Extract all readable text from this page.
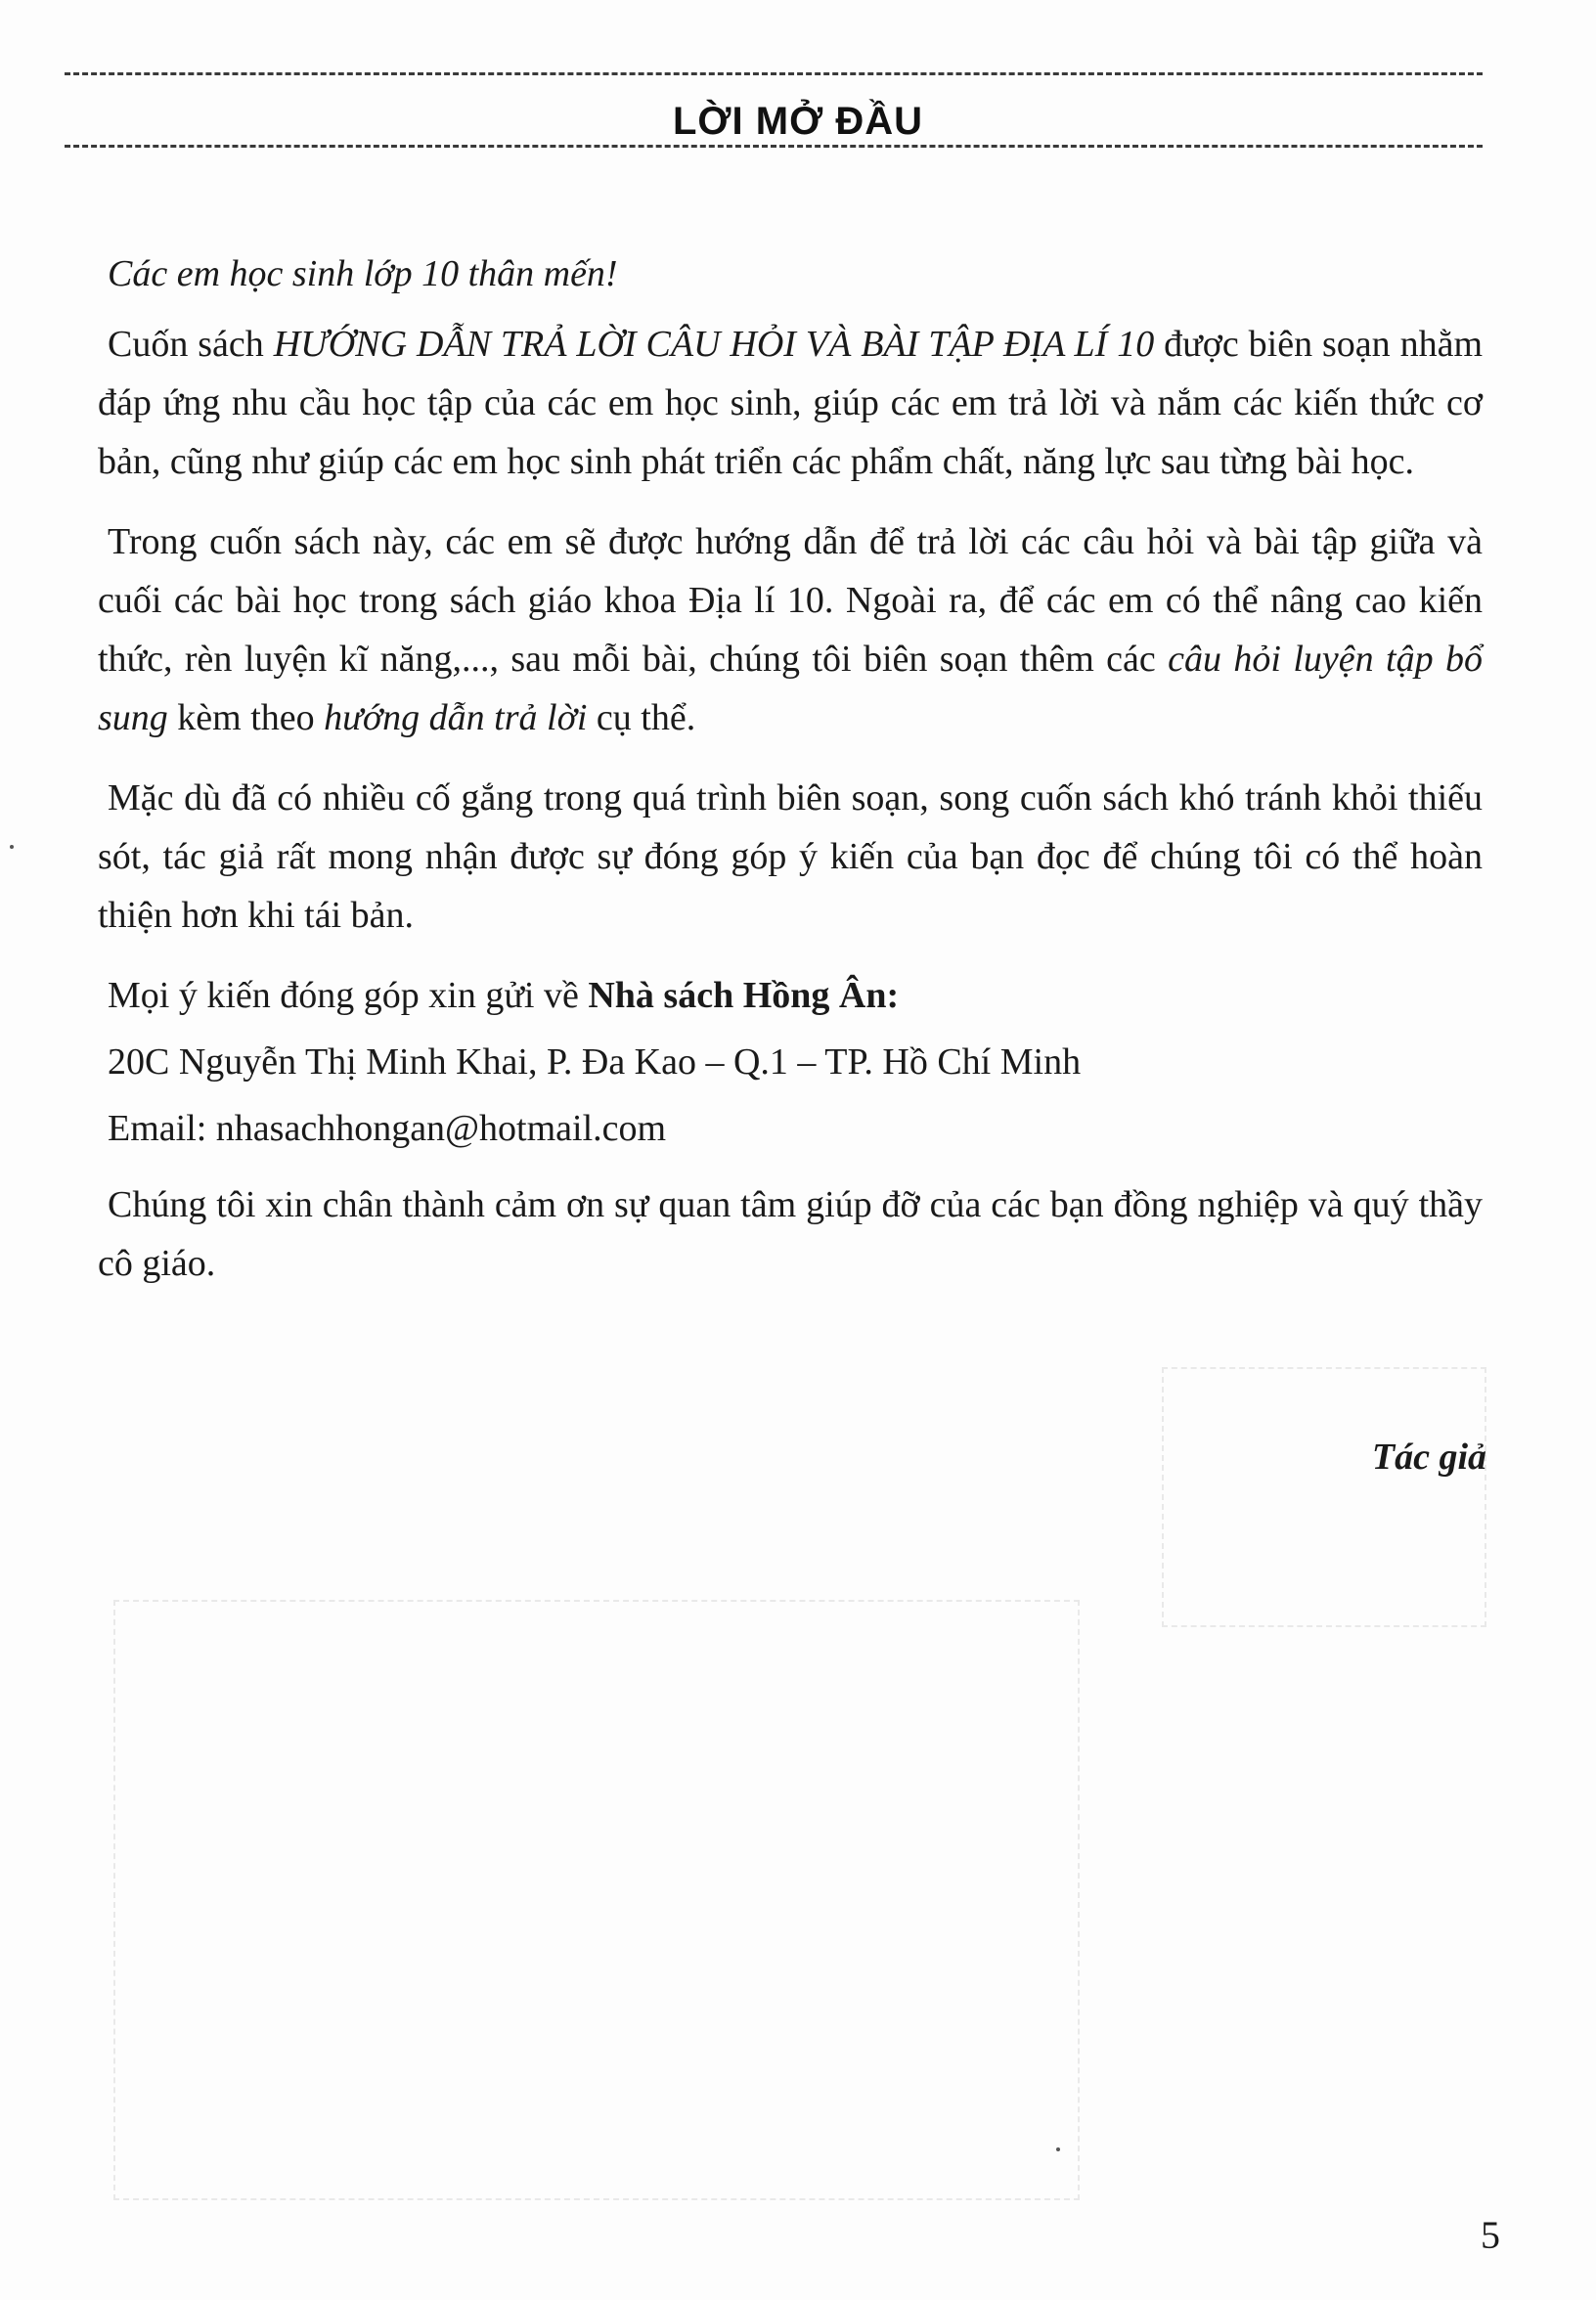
LỜI MỞ ĐẦU

Các em học sinh lớp 10 thân mến!

Cuốn sách HƯỚNG DẪN TRẢ LỜI CÂU HỎI VÀ BÀI TẬP ĐỊA LÍ 10 được biên soạn nhằm đáp ứng nhu cầu học tập của các em học sinh, giúp các em trả lời và nắm các kiến thức cơ bản, cũng như giúp các em học sinh phát triển các phẩm chất, năng lực sau từng bài học.

Trong cuốn sách này, các em sẽ được hướng dẫn để trả lời các câu hỏi và bài tập giữa và cuối các bài học trong sách giáo khoa Địa lí 10. Ngoài ra, để các em có thể nâng cao kiến thức, rèn luyện kĩ năng,..., sau mỗi bài, chúng tôi biên soạn thêm các câu hỏi luyện tập bổ sung kèm theo hướng dẫn trả lời cụ thể.

Mặc dù đã có nhiều cố gắng trong quá trình biên soạn, song cuốn sách khó tránh khỏi thiếu sót, tác giả rất mong nhận được sự đóng góp ý kiến của bạn đọc để chúng tôi có thể hoàn thiện hơn khi tái bản.

Mọi ý kiến đóng góp xin gửi về Nhà sách Hồng Ân:

20C Nguyễn Thị Minh Khai, P. Đa Kao – Q.1 – TP. Hồ Chí Minh

Email: nhasachhongan@hotmail.com

Chúng tôi xin chân thành cảm ơn sự quan tâm giúp đỡ của các bạn đồng nghiệp và quý thầy cô giáo.

Tác giả
5
